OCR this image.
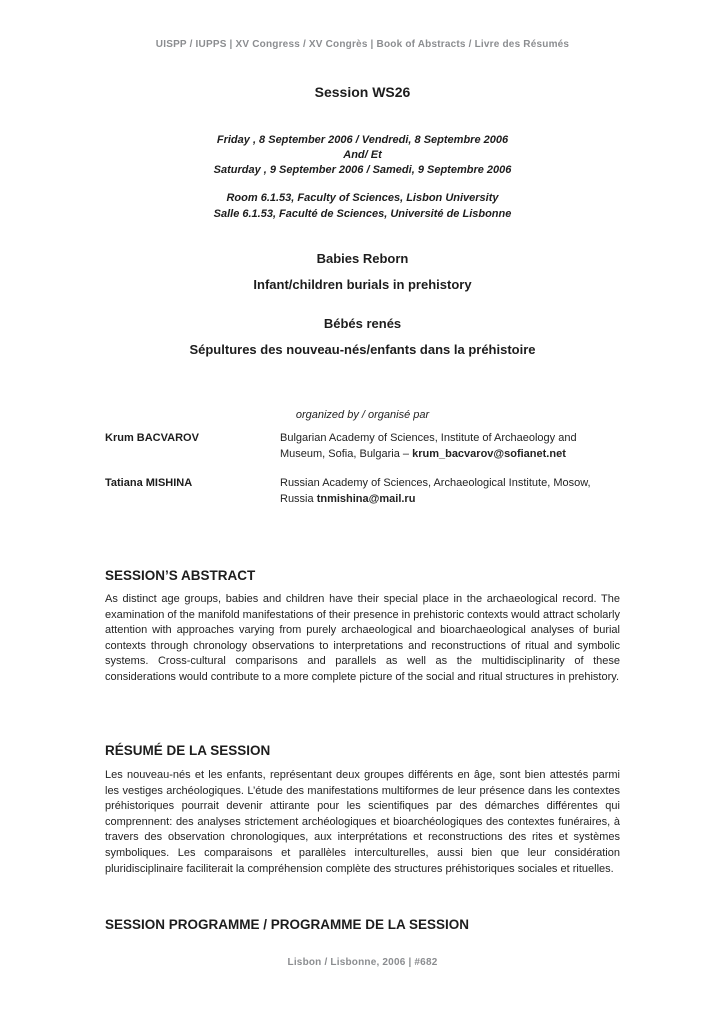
UISPP / IUPPS | XV Congress / XV Congrès | Book of Abstracts / Livre des Résumés
Session WS26
Friday , 8 September 2006 / Vendredi, 8 Septembre 2006
And/ Et
Saturday , 9 September 2006 / Samedi, 9 Septembre 2006
Room 6.1.53, Faculty of Sciences, Lisbon University
Salle 6.1.53, Faculté de Sciences, Université de Lisbonne

Babies Reborn

Infant/children burials in prehistory

Bébés renés

Sépultures des nouveau-nés/enfants dans la préhistoire

organized by / organisé par
Krum BACVAROV	Bulgarian Academy of Sciences, Institute of Archaeology and Museum, Sofia, Bulgaria – krum_bacvarov@sofianet.net
Tatiana MISHINA	Russian Academy of Sciences, Archaeological Institute, Mosow, Russia tnmishina@mail.ru
SESSION’S ABSTRACT

As distinct age groups, babies and children have their special place in the archaeological record. The examination of the manifold manifestations of their presence in prehistoric contexts would attract scholarly attention with approaches varying from purely archaeological and bioarchaeological analyses of burial contexts through chronology observations to interpretations and reconstructions of ritual and symbolic systems. Cross-cultural comparisons and parallels as well as the multidisciplinarity of these considerations would contribute to a more complete picture of the social and ritual structures in prehistory.

RÉSUMÉ DE LA SESSION

Les nouveau-nés et les enfants, représentant deux groupes différents en âge, sont bien attestés parmi les vestiges archéologiques. L’étude des manifestations multiformes de leur présence dans les contextes préhistoriques pourrait devenir attirante pour les scientifiques par des démarches différentes qui comprennent: des analyses strictement archéologiques et bioarchéologiques des contextes funéraires, à travers des observation chronologiques, aux interprétations et reconstructions des rites et systèmes symboliques. Les comparaisons et parallèles interculturelles, aussi bien que leur considération pluridisciplinaire faciliterait la compréhension complète des structures préhistoriques sociales et rituelles.

SESSION PROGRAMME / PROGRAMME DE LA SESSION
Lisbon / Lisbonne, 2006 | #682
